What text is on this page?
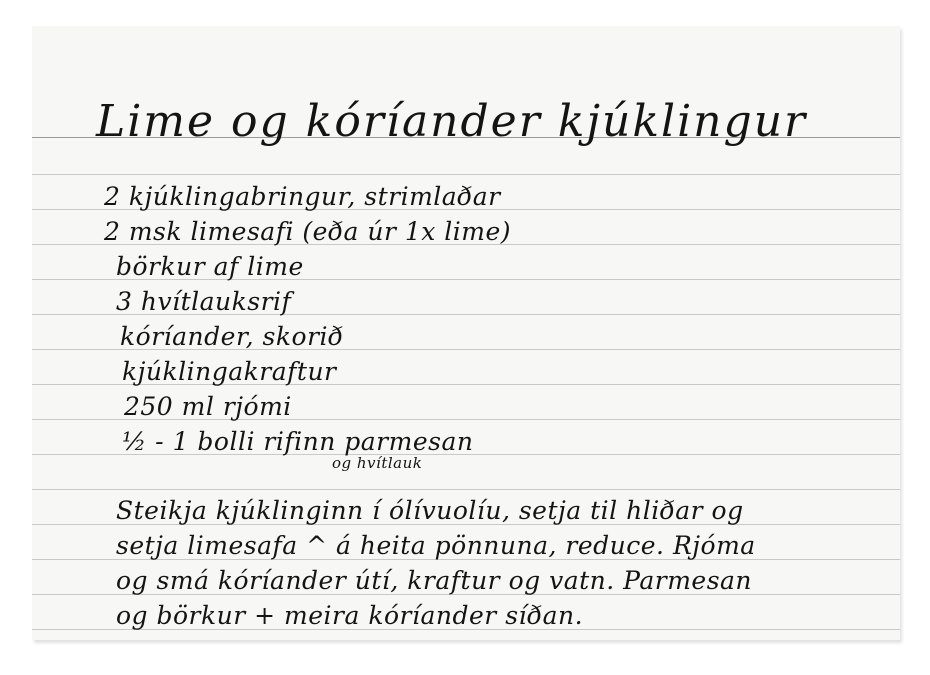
Lime og kóríander kjúklingur
2 kjúklingabringur, strimlaðar
2 msk limesafi (eða úr 1x lime)
börkur af lime
3 hvítlauksrif
kóríander, skorið
kjúklingakraftur
250 ml rjómi
½ - 1 bolli rifinn parmesan
og hvítlauk
Steikja kjúklinginn í ólívuolíu, setja til hliðar og
setja limesafa ^ á heita pönnuna, reduce. Rjóma
og smá kóríander útí, kraftur og vatn. Parmesan
og börkur + meira kóríander síðan.
